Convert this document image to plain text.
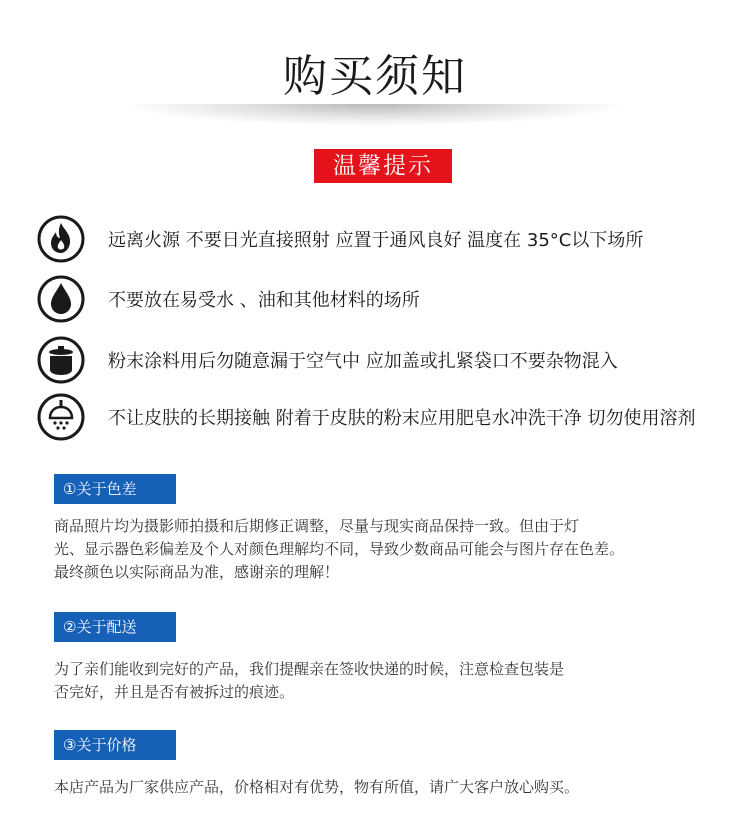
购买须知
温馨提示
远离火源 不要日光直接照射 应置于通风良好 温度在 35°C以下场所
不要放在易受水 、油和其他材料的场所
粉末涂料用后勿随意漏于空气中 应加盖或扎紧袋口不要杂物混入
不让皮肤的长期接触 附着于皮肤的粉末应用肥皂水冲洗干净 切勿使用溶剂
①关于色差
商品照片均为摄影师拍摄和后期修正调整，尽量与现实商品保持一致。但由于灯
光、显示器色彩偏差及个人对颜色理解均不同，导致少数商品可能会与图片存在色差。
最终颜色以实际商品为准，感谢亲的理解！
②关于配送
为了亲们能收到完好的产品，我们提醒亲在签收快递的时候，注意检查包装是
否完好，并且是否有被拆过的痕迹。
③关于价格
本店产品为厂家供应产品，价格相对有优势，物有所值，请广大客户放心购买。
